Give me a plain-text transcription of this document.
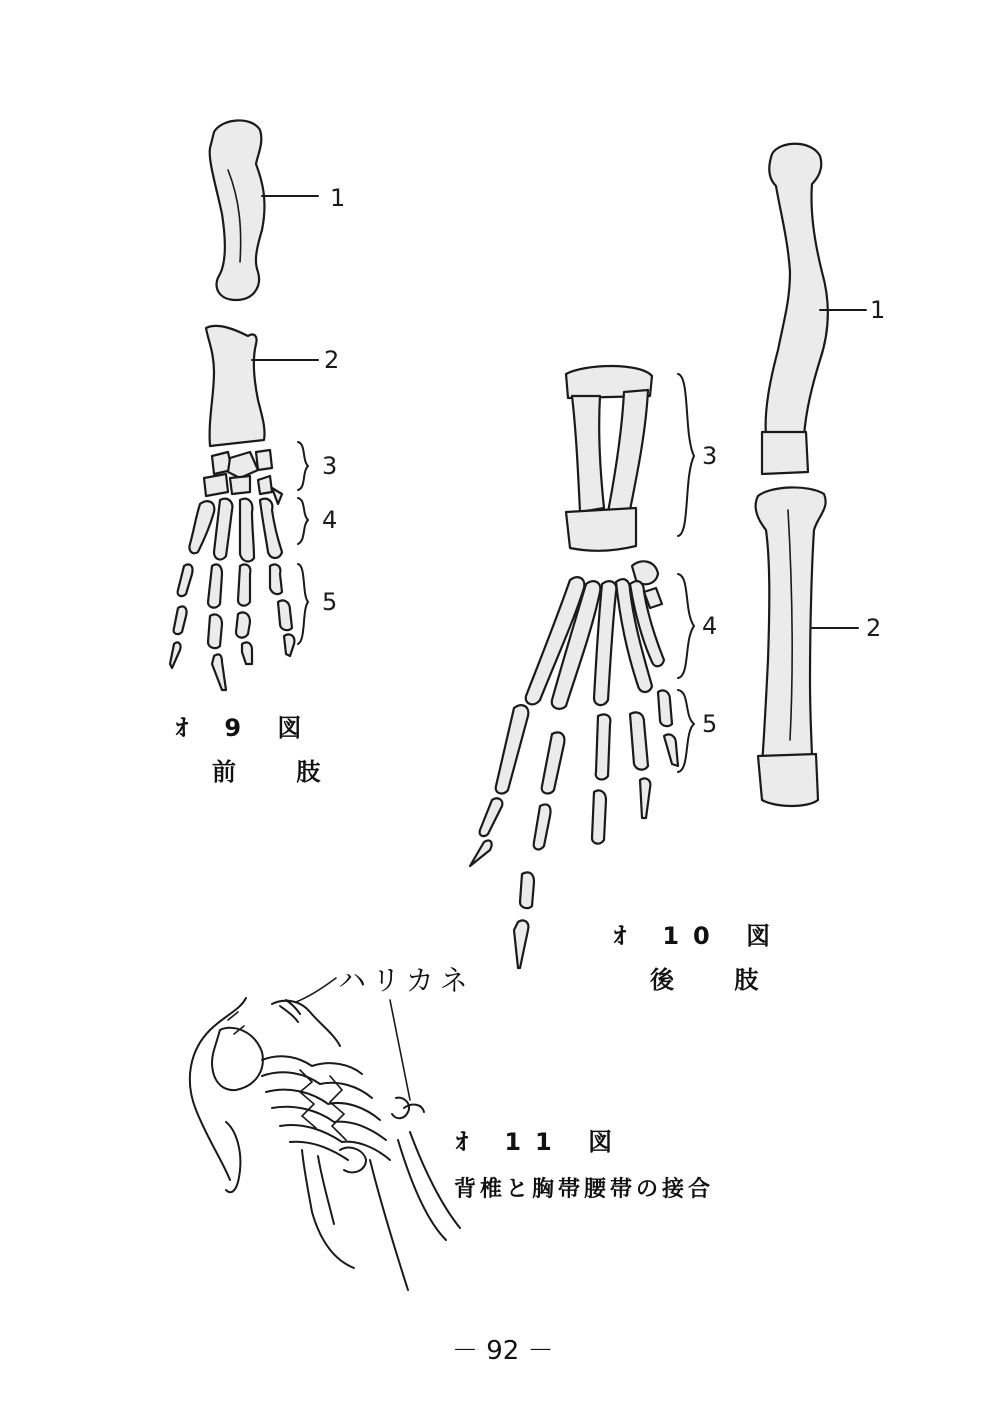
1
2
3
4
5
ｵ 9 図
前 肢
1
2
3
4
5
ｵ 10 図
後 肢
ハリカネ
ｵ 11 図
背椎と胸帯腰帯の接合
－ 92 －
